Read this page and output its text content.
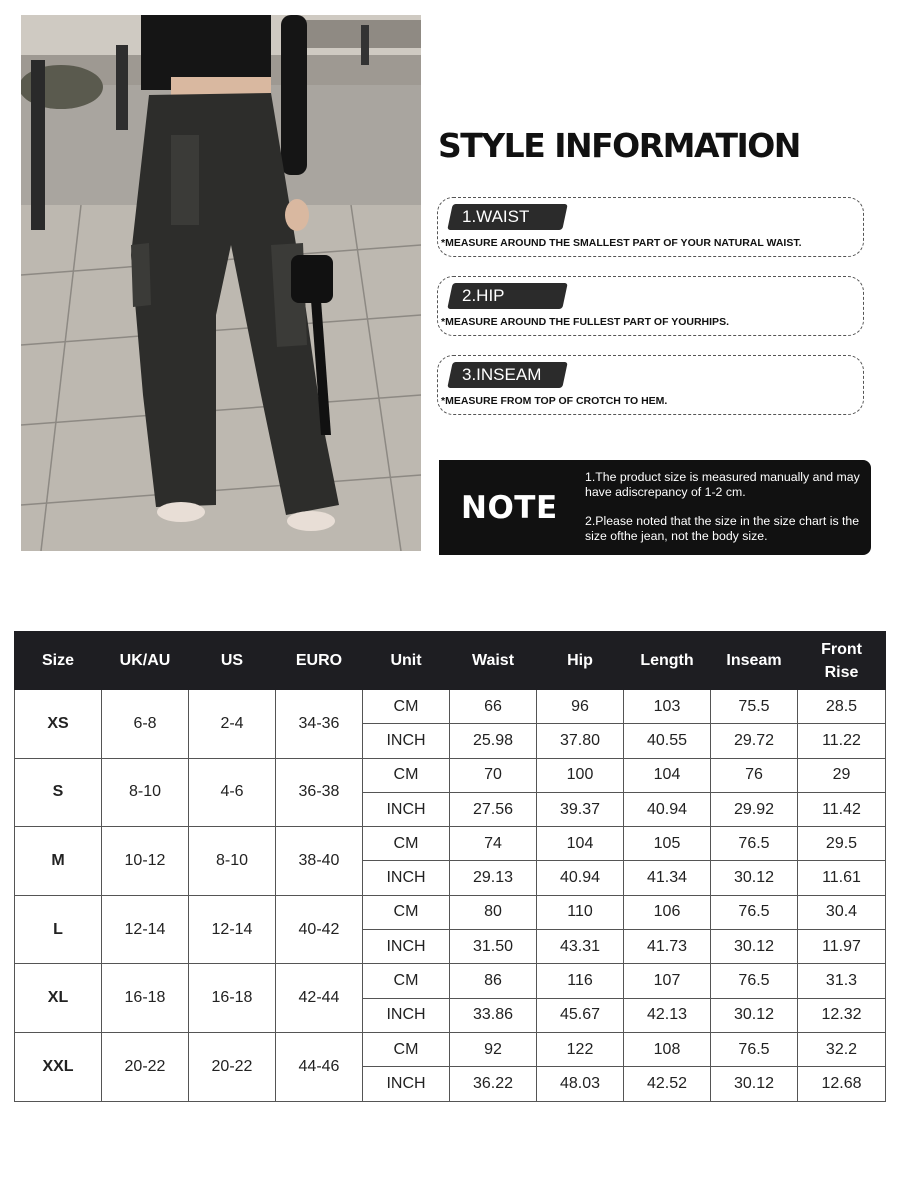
STYLE INFORMATION
1.WAIST
*MEASURE AROUND THE SMALLEST PART OF YOUR NATURAL WAIST.
2.HIP
*MEASURE AROUND THE FULLEST PART OF YOURHIPS.
3.INSEAM
*MEASURE FROM TOP OF CROTCH TO HEM.
NOTE
1.The product size is measured manually and may have adiscrepancy of 1-2 cm.
2.Please noted that the size in the size chart is the size ofthe jean, not the body size.
Size	UK/AU	US	EURO	Unit	Waist	Hip	Length	Inseam	Front Rise
XS	6-8	2-4	34-36	CM	66	96	103	75.5	28.5
				INCH	25.98	37.80	40.55	29.72	11.22
S	8-10	4-6	36-38	CM	70	100	104	76	29
				INCH	27.56	39.37	40.94	29.92	11.42
M	10-12	8-10	38-40	CM	74	104	105	76.5	29.5
				INCH	29.13	40.94	41.34	30.12	11.61
L	12-14	12-14	40-42	CM	80	110	106	76.5	30.4
				INCH	31.50	43.31	41.73	30.12	11.97
XL	16-18	16-18	42-44	CM	86	116	107	76.5	31.3
				INCH	33.86	45.67	42.13	30.12	12.32
XXL	20-22	20-22	44-46	CM	92	122	108	76.5	32.2
				INCH	36.22	48.03	42.52	30.12	12.68
